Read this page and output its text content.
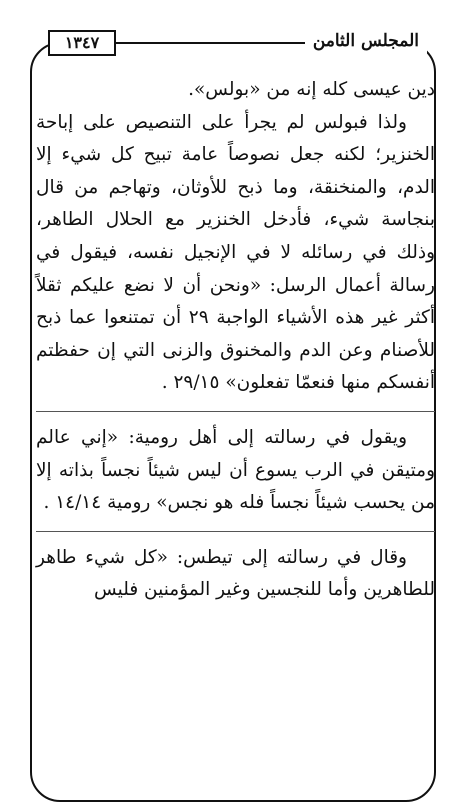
المجلس الثامن
١٣٤٧

دين عيسى كله إنه من «بولس».

ولذا فبولس لم يجرأ على التنصيص على إباحة الخنزير؛ لكنه جعل نصوصاً عامة تبيح كل شيء إلا الدم، والمنخنقة، وما ذبح للأوثان، وتهاجم من قال بنجاسة شيء، فأدخل الخنزير مع الحلال الطاهر، وذلك في رسائله لا في الإنجيل نفسه، فيقول في رسالة أعمال الرسل: «ونحن أن لا نضع عليكم ثقلاً أكثر غير هذه الأشياء الواجبة ٢٩ أن تمتنعوا عما ذبح للأصنام وعن الدم والمخنوق والزنى التي إن حفظتم أنفسكم منها فنعمّا تفعلون» ٢٩/١٥ .

ويقول في رسالته إلى أهل رومية: «إني عالم ومتيقن في الرب يسوع أن ليس شيئاً نجساً بذاته إلا من يحسب شيئاً نجساً فله هو نجس» رومية ١٤/١٤ .

وقال في رسالته إلى تيطس: «كل شيء طاهر للطاهرين وأما للنجسين وغير المؤمنين فليس
